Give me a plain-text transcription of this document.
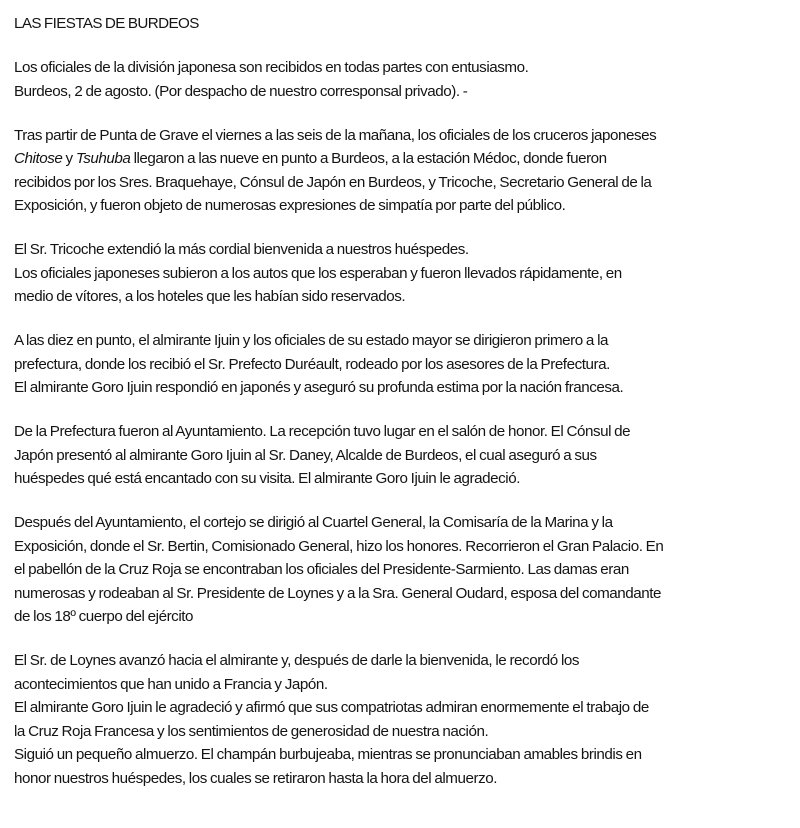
LAS FIESTAS DE BURDEOS

Los oficiales de la división japonesa son recibidos en todas partes con entusiasmo.
Burdeos, 2 de agosto. (Por despacho de nuestro corresponsal privado). -

Tras partir de Punta de Grave el viernes a las seis de la mañana, los oficiales de los cruceros japoneses
Chitose y Tsuhuba llegaron a las nueve en punto a Burdeos, a la estación Médoc, donde fueron
recibidos por los Sres. Braquehaye, Cónsul de Japón en Burdeos, y Tricoche, Secretario General de la
Exposición, y fueron objeto de numerosas expresiones de simpatía por parte del público.

El Sr. Tricoche extendió la más cordial bienvenida a nuestros huéspedes.
Los oficiales japoneses subieron a los autos que los esperaban y fueron llevados rápidamente, en
medio de vítores, a los hoteles que les habían sido reservados.

A las diez en punto, el almirante Ijuin y los oficiales de su estado mayor se dirigieron primero a la
prefectura, donde los recibió el Sr. Prefecto Duréault, rodeado por los asesores de la Prefectura.
El almirante Goro Ijuin respondió en japonés y aseguró su profunda estima por la nación francesa.

De la Prefectura fueron al Ayuntamiento. La recepción tuvo lugar en el salón de honor. El Cónsul de
Japón presentó al almirante Goro Ijuin al Sr. Daney, Alcalde de Burdeos, el cual aseguró a sus
huéspedes qué está encantado con su visita. El almirante Goro Ijuin le agradeció.

Después del Ayuntamiento, el cortejo se dirigió al Cuartel General, la Comisaría de la Marina y la
Exposición, donde el Sr. Bertin, Comisionado General, hizo los honores. Recorrieron el Gran Palacio. En
el pabellón de la Cruz Roja se encontraban los oficiales del Presidente-Sarmiento. Las damas eran
numerosas y rodeaban al Sr. Presidente de Loynes y a la Sra. General Oudard, esposa del comandante
de los 18º cuerpo del ejército

El Sr. de Loynes avanzó hacia el almirante y, después de darle la bienvenida, le recordó los
acontecimientos que han unido a Francia y Japón.
El almirante Goro Ijuin le agradeció y afirmó que sus compatriotas admiran enormemente el trabajo de
la Cruz Roja Francesa y los sentimientos de generosidad de nuestra nación.
Siguió un pequeño almuerzo. El champán burbujeaba, mientras se pronunciaban amables brindis en
honor nuestros huéspedes, los cuales se retiraron hasta la hora del almuerzo.
